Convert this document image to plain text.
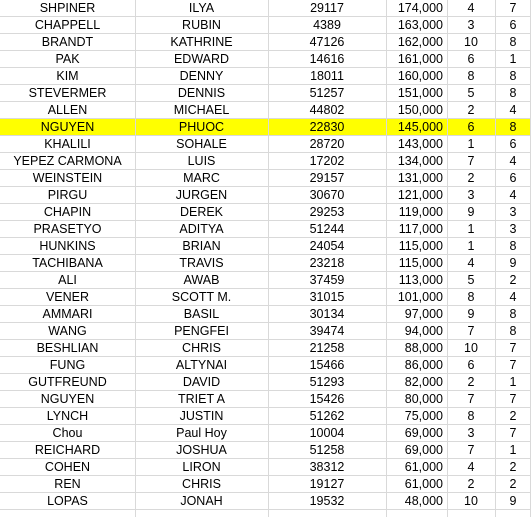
LOPAS	JONAH	19532	48,000	10	9
REN	CHRIS	19127	61,000	2	2
COHEN	LIRON	38312	61,000	4	2
REICHARD	JOSHUA	51258	69,000	7	1
Chou	Paul Hoy	10004	69,000	3	7
LYNCH	JUSTIN	51262	75,000	8	2
NGUYEN	TRIET A	15426	80,000	7	7
GUTFREUND	DAVID	51293	82,000	2	1
FUNG	ALTYNAI	15466	86,000	6	7
BESHLIAN	CHRIS	21258	88,000	10	7
WANG	PENGFEI	39474	94,000	7	8
AMMARI	BASIL	30134	97,000	9	8
VENER	SCOTT M.	31015	101,000	8	4
ALI	AWAB	37459	113,000	5	2
TACHIBANA	TRAVIS	23218	115,000	4	9
HUNKINS	BRIAN	24054	115,000	1	8
PRASETYO	ADITYA	51244	117,000	1	3
CHAPIN	DEREK	29253	119,000	9	3
PIRGU	JURGEN	30670	121,000	3	4
WEINSTEIN	MARC	29157	131,000	2	6
YEPEZ CARMONA	LUIS	17202	134,000	7	4
KHALILI	SOHALE	28720	143,000	1	6
NGUYEN	PHUOC	22830	145,000	6	8
ALLEN	MICHAEL	44802	150,000	2	4
STEVERMER	DENNIS	51257	151,000	5	8
KIM	DENNY	18011	160,000	8	8
PAK	EDWARD	14616	161,000	6	1
BRANDT	KATHRINE	47126	162,000	10	8
CHAPPELL	RUBIN	4389	163,000	3	6
SHPINER	ILYA	29117	174,000	4	7
